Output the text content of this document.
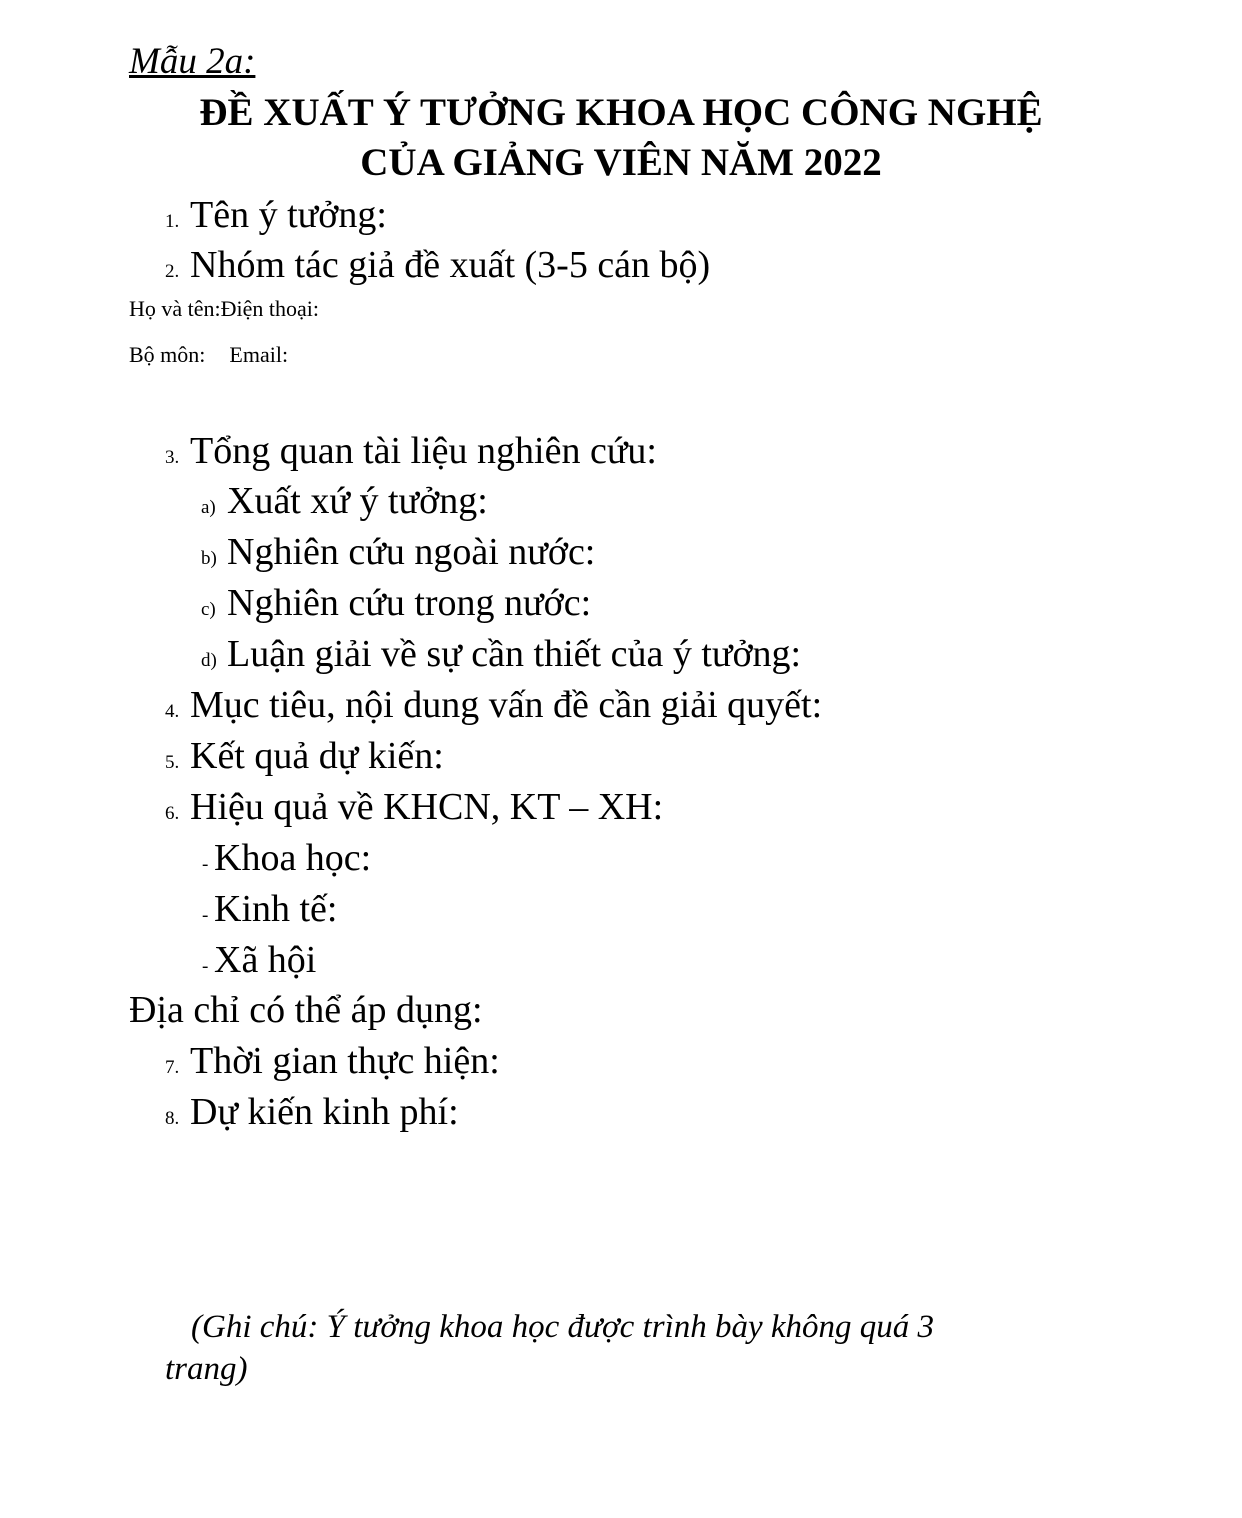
Mẫu 2a:
ĐỀ XUẤT Ý TƯỞNG KHOA HỌC CÔNG NGHỆ
CỦA GIẢNG VIÊN NĂM 2022
1. Tên ý tưởng:
2. Nhóm tác giả đề xuất (3-5 cán bộ)
Họ và tên:Điện thoại:
Bộ môn: Email:
3. Tổng quan tài liệu nghiên cứu:
a) Xuất xứ ý tưởng:
b) Nghiên cứu ngoài nước:
c) Nghiên cứu trong nước:
d) Luận giải về sự cần thiết của ý tưởng:
4. Mục tiêu, nội dung vấn đề cần giải quyết:
5. Kết quả dự kiến:
6. Hiệu quả về KHCN, KT – XH:
- Khoa học:
- Kinh tế:
- Xã hội
Địa chỉ có thể áp dụng:
7. Thời gian thực hiện:
8. Dự kiến kinh phí:
(Ghi chú: Ý tưởng khoa học được trình bày không quá 3
trang)
